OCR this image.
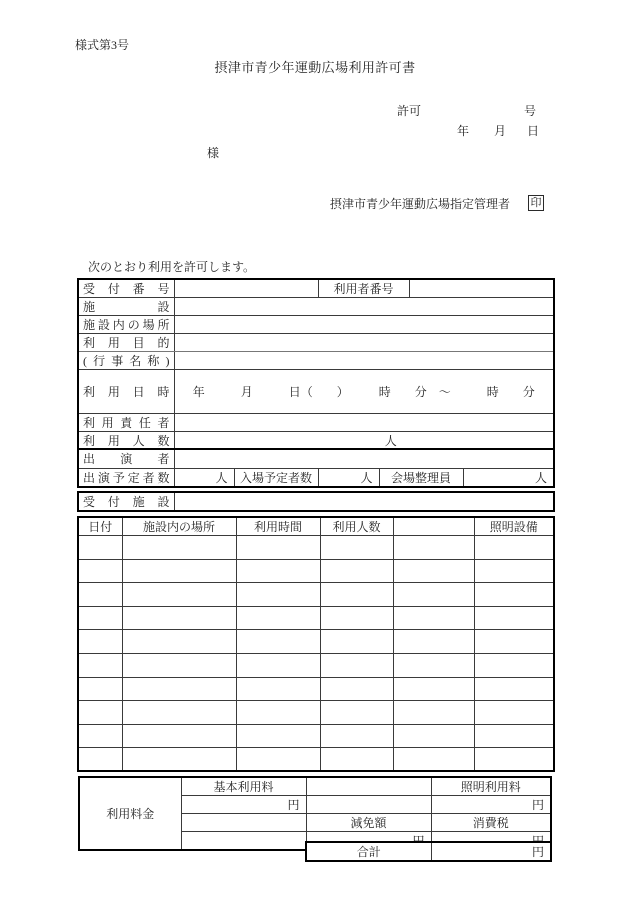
様式第3号
摂津市青少年運動広場利用許可書
許可	号
年 月 日
様
摂津市青少年運動広場指定管理者 印
次のとおり利用を許可します。
受付番号		利用者番号	
施設			
施設内の場所			
利用目的			
(行事名称)			
利用日時	年　　　月　　　日（　　）　　　時　　分　～　　　時　　分		
利用責任者			
利用人数	人		
出演者					
出演予定者数	人	入場予定者数	人	会場整理員	人
受付施設	
日付	施設内の場所	利用時間	利用人数		照明設備

利用料金	基本利用料		照明利用料
	円		円
		減免額	消費税

合計	円
